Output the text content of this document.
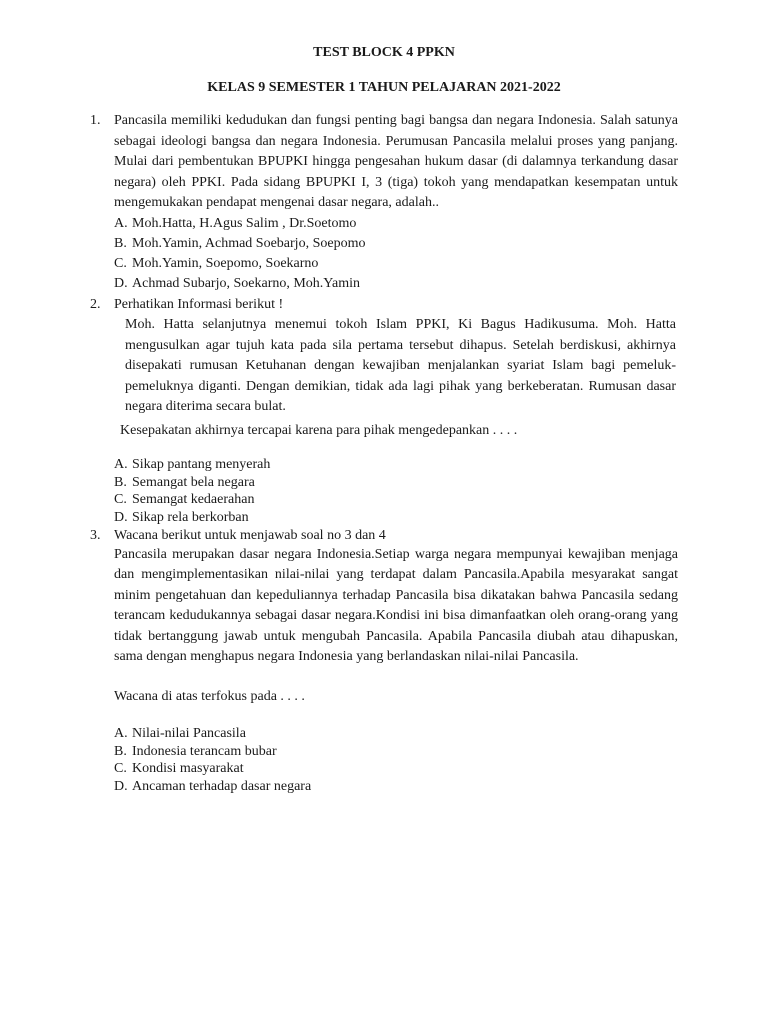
TEST BLOCK 4 PPKN

KELAS 9 SEMESTER 1 TAHUN PELAJARAN 2021-2022

1. Pancasila memiliki kedudukan dan fungsi penting bagi bangsa dan negara Indonesia. Salah satunya sebagai ideologi bangsa dan negara Indonesia. Perumusan Pancasila melalui proses yang panjang. Mulai dari pembentukan BPUPKI hingga pengesahan hukum dasar (di dalamnya terkandung dasar negara) oleh PPKI. Pada sidang BPUPKI I, 3 (tiga) tokoh yang mendapatkan kesempatan untuk mengemukakan pendapat mengenai dasar negara, adalah..

A. Moh.Hatta, H.Agus Salim , Dr.Soetomo
B. Moh.Yamin, Achmad Soebarjo, Soepomo
C. Moh.Yamin, Soepomo, Soekarno
D. Achmad Subarjo, Soekarno, Moh.Yamin
2. Perhatikan Informasi berikut !

Moh. Hatta selanjutnya menemui tokoh Islam PPKI, Ki Bagus Hadikusuma. Moh. Hatta mengusulkan agar tujuh kata pada sila pertama tersebut dihapus. Setelah berdiskusi, akhirnya disepakati rumusan Ketuhanan dengan kewajiban menjalankan syariat Islam bagi pemeluk-pemeluknya diganti. Dengan demikian, tidak ada lagi pihak yang berkeberatan. Rumusan dasar negara diterima secara bulat.

Kesepakatan akhirnya tercapai karena para pihak mengedepankan . . . .

A. Sikap pantang menyerah
B. Semangat bela negara
C. Semangat kedaerahan
D. Sikap rela berkorban
3. Wacana berikut untuk menjawab soal no 3 dan 4

Pancasila merupakan dasar negara Indonesia.Setiap warga negara mempunyai kewajiban menjaga dan mengimplementasikan nilai-nilai yang terdapat dalam Pancasila.Apabila mesyarakat sangat minim pengetahuan dan kepeduliannya terhadap Pancasila bisa dikatakan bahwa Pancasila sedang terancam kedudukannya sebagai dasar negara.Kondisi ini bisa dimanfaatkan oleh orang-orang yang tidak bertanggung jawab untuk mengubah Pancasila. Apabila Pancasila diubah atau dihapuskan, sama dengan menghapus negara Indonesia yang berlandaskan nilai-nilai Pancasila.

Wacana di atas terfokus pada . . . .

A. Nilai-nilai Pancasila
B. Indonesia terancam bubar
C. Kondisi masyarakat
D. Ancaman terhadap dasar negara
